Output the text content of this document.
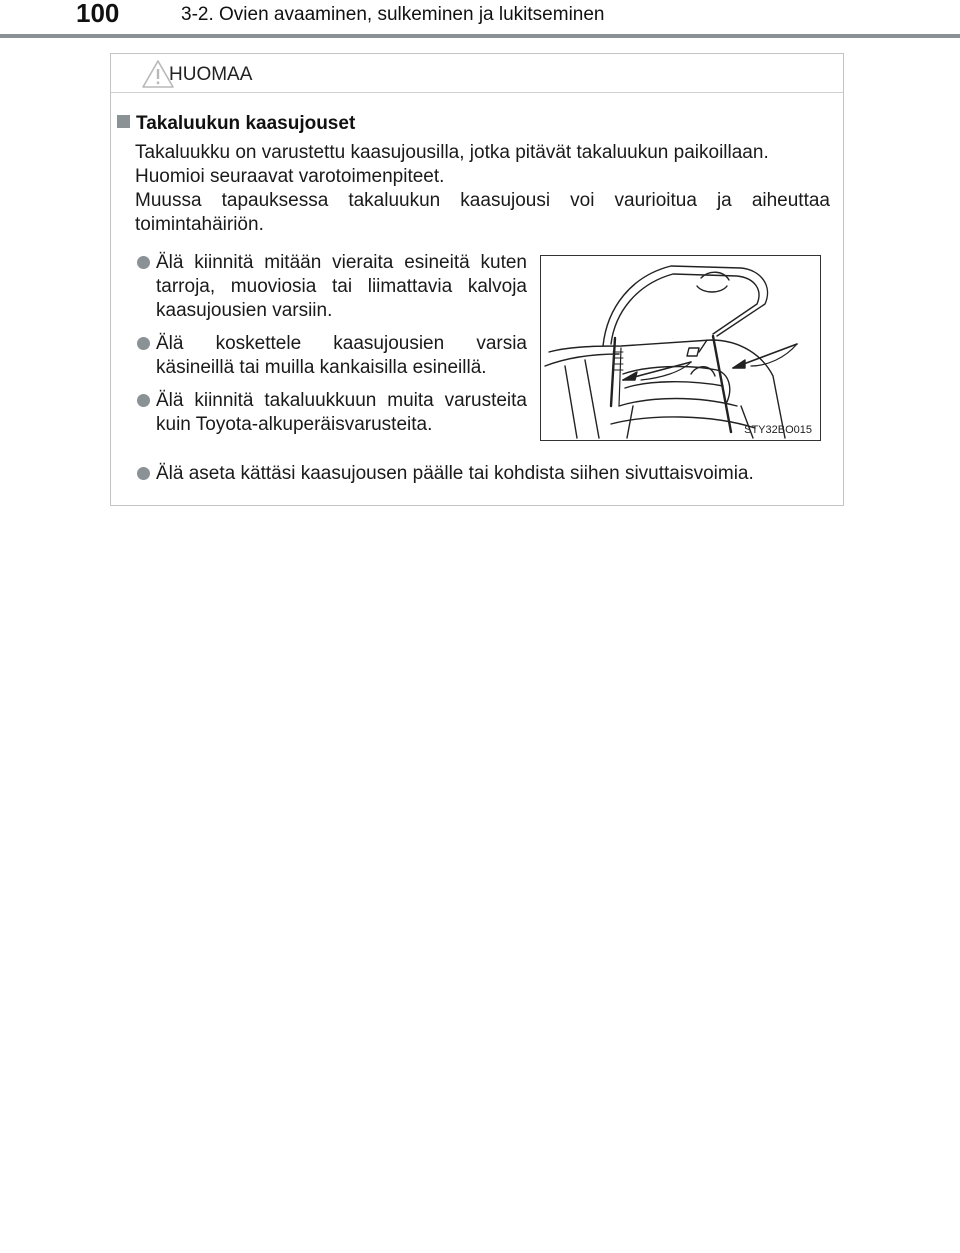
100	3-2. Ovien avaaminen, sulkeminen ja lukitseminen
HUOMAA
Takaluukun kaasujouset

Takaluukku on varustettu kaasujousilla, jotka pitävät takaluukun paikoillaan.

Huomioi seuraavat varotoimenpiteet.

Muussa tapauksessa takaluukun kaasujousi voi vaurioitua ja aiheuttaa toimintahäiriön.

Älä kiinnitä mitään vieraita esineitä kuten tarroja, muoviosia tai liimattavia kalvoja kaasujousien varsiin.
Älä koskettele kaasujousien varsia käsineillä tai muilla kankaisilla esineillä.
Älä kiinnitä takaluukkuun muita varusteita kuin Toyota-alkuperäisvarusteita.
Älä aseta kättäsi kaasujousen päälle tai kohdista siihen sivuttaisvoimia.
STY32BO015
